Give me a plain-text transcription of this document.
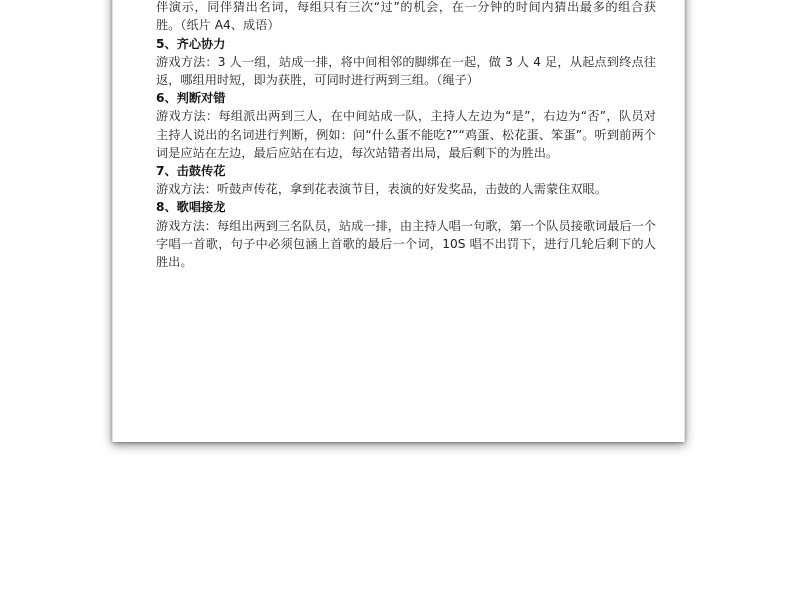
伴演示，同伴猜出名词，每组只有三次“过”的机会，在一分钟的时间内猜出最多的组合获胜。（纸片 A4、成语）

5、齐心协力

游戏方法：3 人一组，站成一排，将中间相邻的脚绑在一起，做 3 人 4 足，从起点到终点往返，哪组用时短，即为获胜，可同时进行两到三组。（绳子）

6、判断对错

游戏方法：每组派出两到三人，在中间站成一队，主持人左边为“是”，右边为“否”，队员对主持人说出的名词进行判断，例如：问“什么蛋不能吃?”“鸡蛋、松花蛋、笨蛋”。听到前两个词是应站在左边，最后应站在右边，每次站错者出局，最后剩下的为胜出。

7、击鼓传花

游戏方法：听鼓声传花，拿到花表演节目，表演的好发奖品，击鼓的人需蒙住双眼。

8、歌唱接龙

游戏方法：每组出两到三名队员，站成一排，由主持人唱一句歌，第一个队员接歌词最后一个字唱一首歌，句子中必须包涵上首歌的最后一个词，10S 唱不出罚下，进行几轮后剩下的人胜出。
